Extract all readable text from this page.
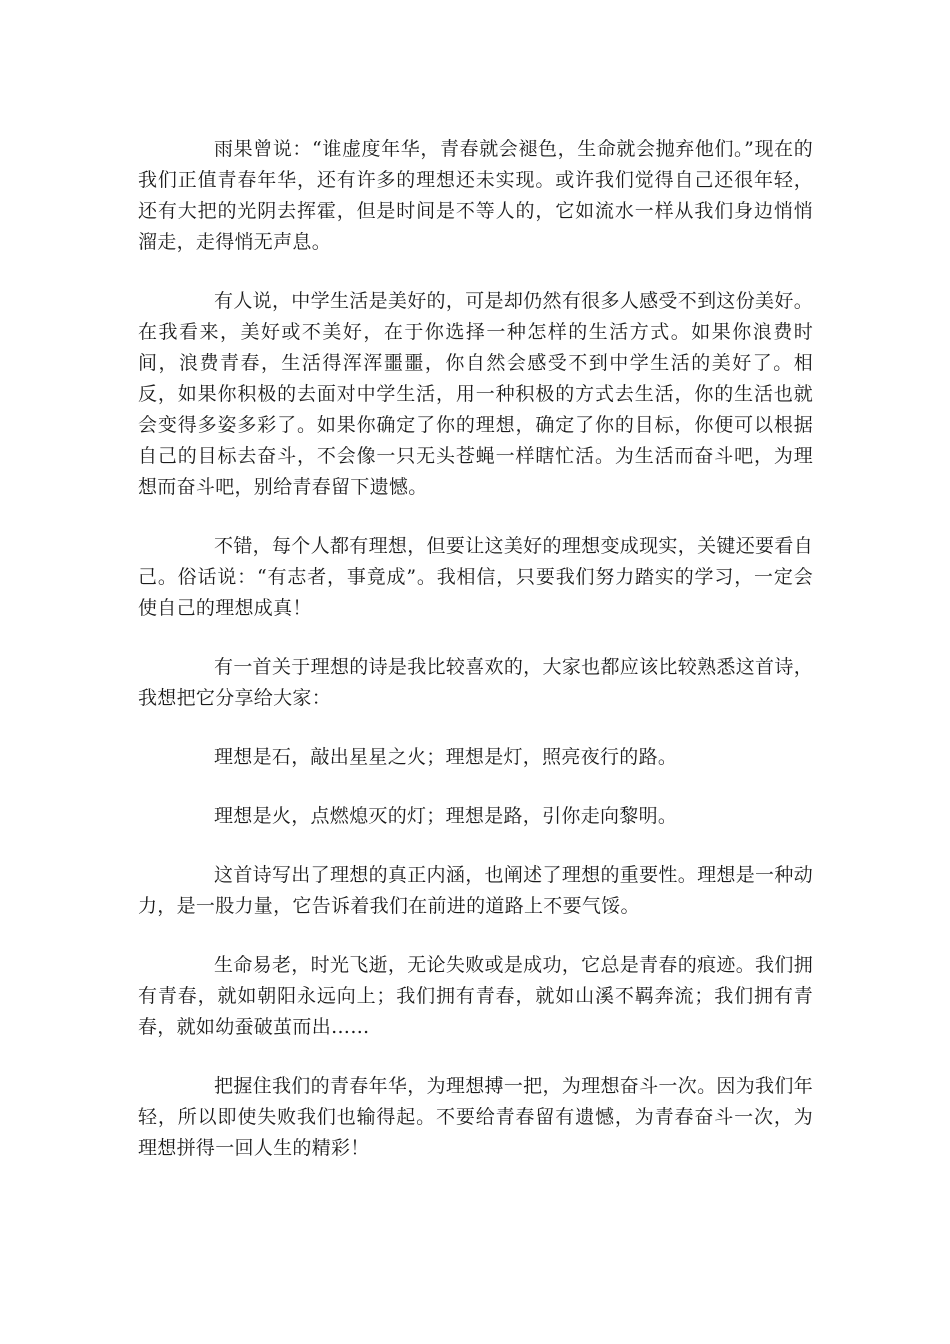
雨果曾说：“谁虚度年华，青春就会褪色，生命就会抛弃他们。”现在的我们正值青春年华，还有许多的理想还未实现。或许我们觉得自己还很年轻，还有大把的光阴去挥霍，但是时间是不等人的，它如流水一样从我们身边悄悄溜走，走得悄无声息。

有人说，中学生活是美好的，可是却仍然有很多人感受不到这份美好。在我看来，美好或不美好，在于你选择一种怎样的生活方式。如果你浪费时间，浪费青春，生活得浑浑噩噩，你自然会感受不到中学生活的美好了。相反，如果你积极的去面对中学生活，用一种积极的方式去生活，你的生活也就会变得多姿多彩了。如果你确定了你的理想，确定了你的目标，你便可以根据自己的目标去奋斗，不会像一只无头苍蝇一样瞎忙活。为生活而奋斗吧，为理想而奋斗吧，别给青春留下遗憾。

不错，每个人都有理想，但要让这美好的理想变成现实，关键还要看自己。俗话说：“有志者，事竟成”。我相信，只要我们努力踏实的学习，一定会使自己的理想成真！

有一首关于理想的诗是我比较喜欢的，大家也都应该比较熟悉这首诗，我想把它分享给大家：

理想是石，敲出星星之火；理想是灯，照亮夜行的路。

理想是火，点燃熄灭的灯；理想是路，引你走向黎明。

这首诗写出了理想的真正内涵，也阐述了理想的重要性。理想是一种动力，是一股力量，它告诉着我们在前进的道路上不要气馁。

生命易老，时光飞逝，无论失败或是成功，它总是青春的痕迹。我们拥有青春，就如朝阳永远向上；我们拥有青春，就如山溪不羁奔流；我们拥有青春，就如幼蚕破茧而出……

把握住我们的青春年华，为理想搏一把，为理想奋斗一次。因为我们年轻，所以即使失败我们也输得起。不要给青春留有遗憾，为青春奋斗一次，为理想拼得一回人生的精彩！
